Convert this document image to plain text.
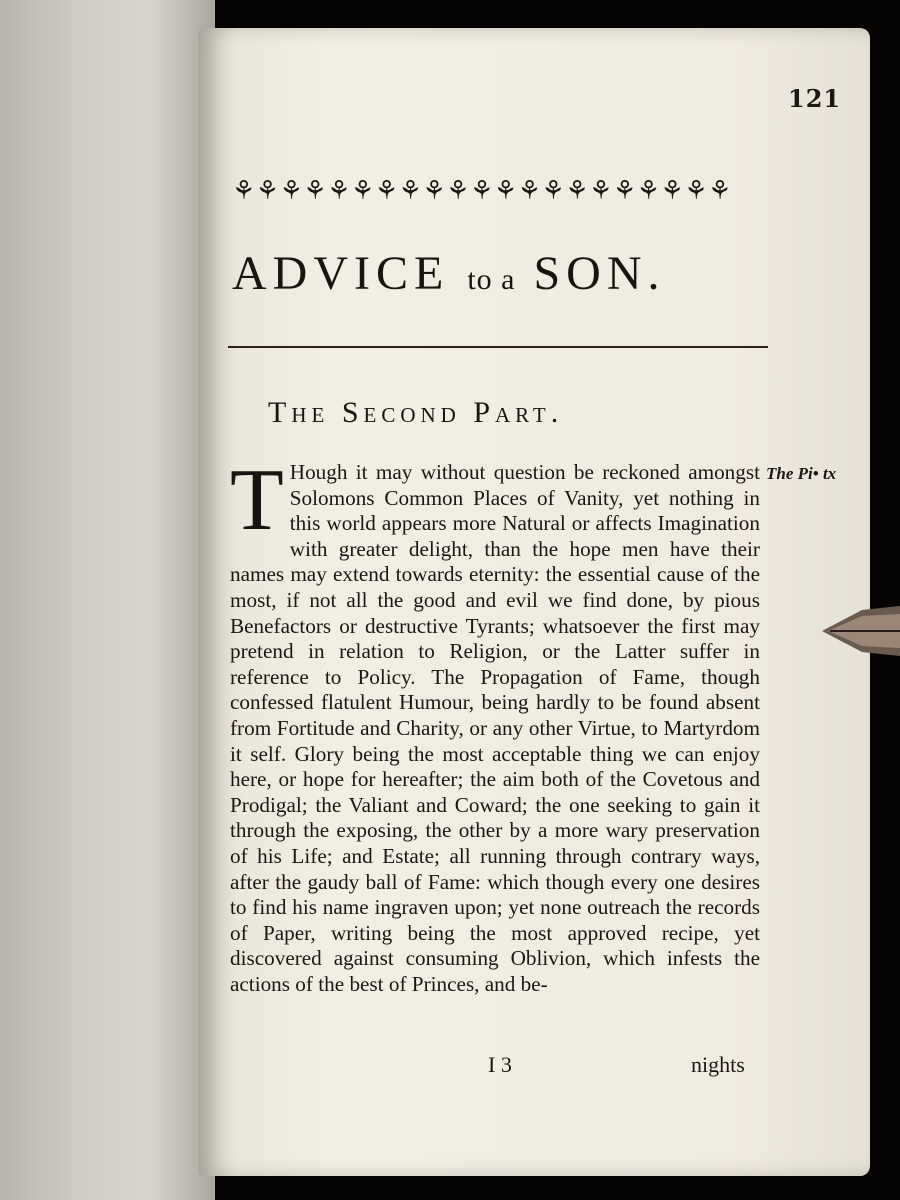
121
⚘⚘⚘⚘⚘⚘⚘⚘⚘⚘⚘⚘⚘⚘⚘⚘⚘⚘⚘⚘⚘
ADVICE to a SON.
The Second Part.
T Hough it may without question be reckoned amongst Solomons Common Places of Vanity, yet nothing in this world appears more Natural or affects Imagination with greater delight, than the hope men have their names may extend towards eternity: the essential cause of the most, if not all the good and evil we find done, by pious Benefactors or destructive Tyrants; whatsoever the first may pretend in relation to Religion, or the Latter suffer in reference to Policy. The Propagation of Fame, though confessed flatulent Humour, being hardly to be found absent from Fortitude and Charity, or any other Virtue, to Martyrdom it self. Glory being the most acceptable thing we can enjoy here, or hope for hereafter; the aim both of the Covetous and Prodigal; the Valiant and Coward; the one seeking to gain it through the exposing, the other by a more wary preservation of his Life; and Estate; all running through contrary ways, after the gaudy ball of Fame: which though every one desires to find his name ingraven upon; yet none outreach the records of Paper, writing being the most approved recipe, yet discovered against consuming Oblivion, which infests the actions of the best of Princes, and be-

The Pi• tx
I 3	nights
